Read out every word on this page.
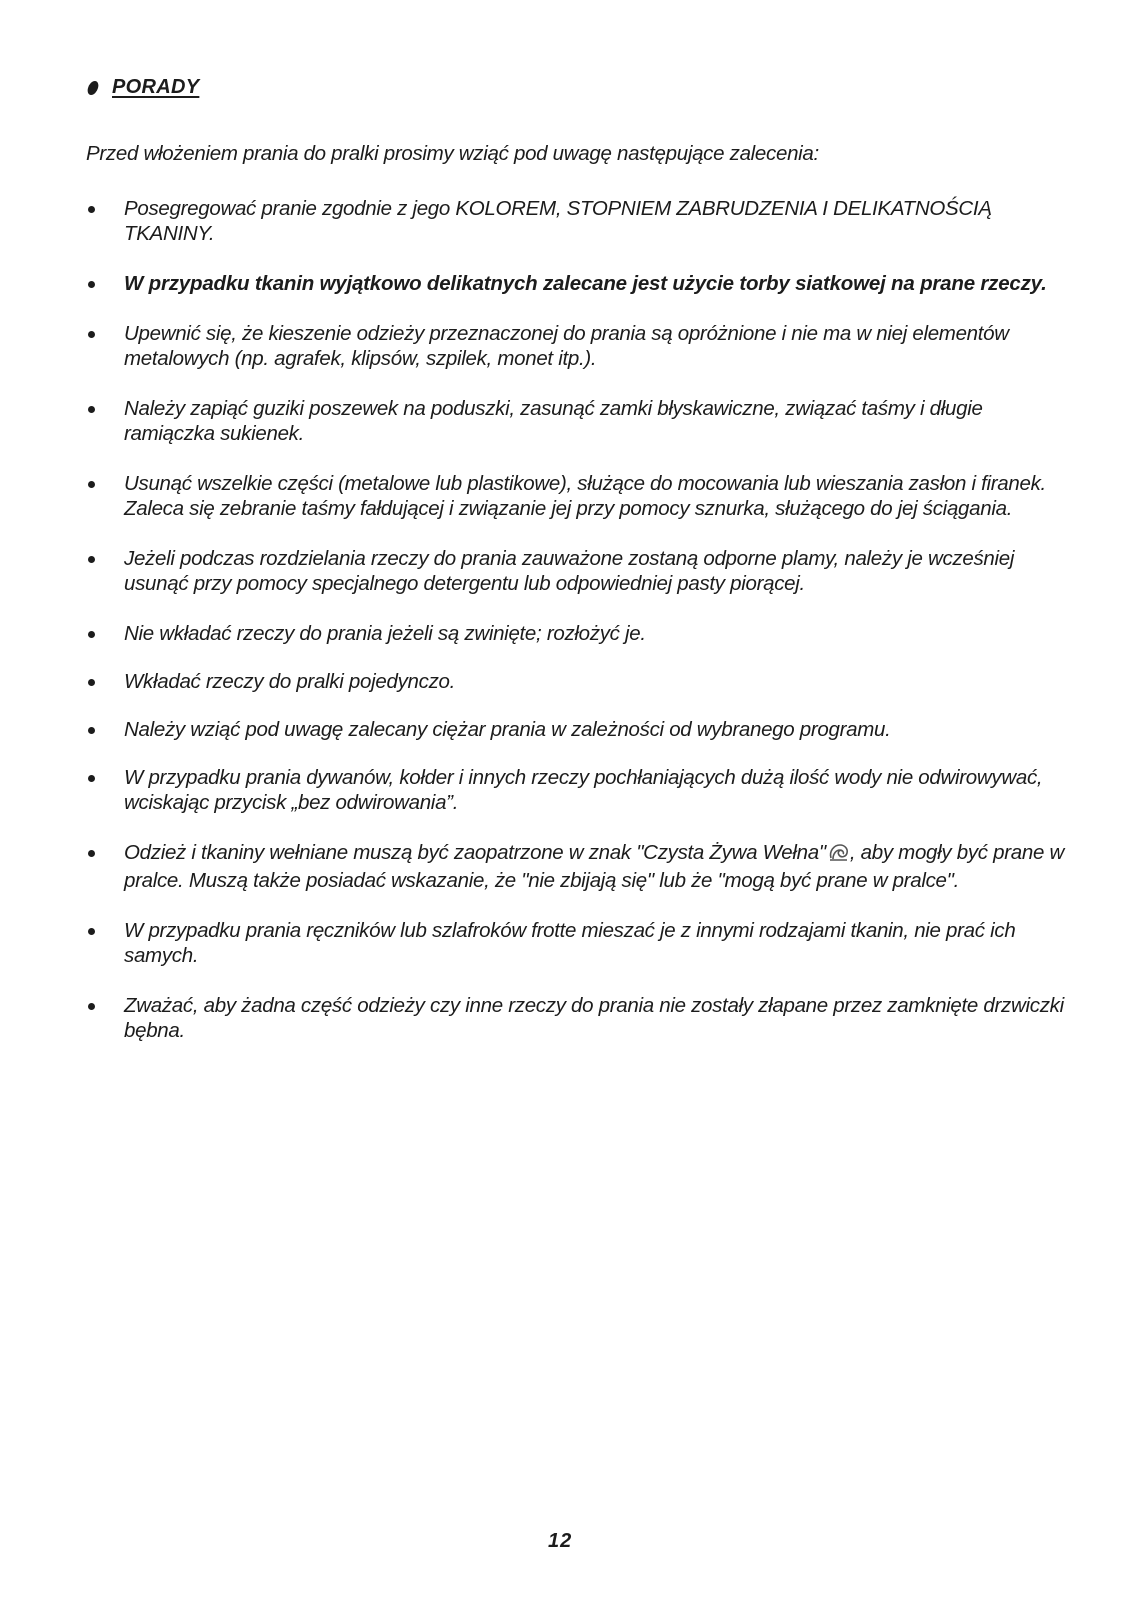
PORADY
Przed włożeniem prania do pralki prosimy wziąć pod uwagę następujące zalecenia:
Posegregować pranie zgodnie z jego KOLOREM, STOPNIEM ZABRUDZENIA I DELIKATNOŚCIĄ TKANINY.
W przypadku tkanin wyjątkowo delikatnych zalecane jest użycie torby siatkowej na prane rzeczy.
Upewnić się, że kieszenie odzieży przeznaczonej do prania są opróżnione i nie ma w niej elementów metalowych (np. agrafek, klipsów, szpilek, monet itp.).
Należy zapiąć guziki poszewek na poduszki, zasunąć zamki błyskawiczne, związać taśmy i długie ramiączka sukienek.
Usunąć wszelkie części (metalowe lub plastikowe), służące do mocowania lub wieszania zasłon i firanek. Zaleca się zebranie taśmy fałdującej i związanie jej przy pomocy sznurka, służącego do jej ściągania.
Jeżeli podczas rozdzielania rzeczy do prania zauważone zostaną odporne plamy, należy je wcześniej usunąć przy pomocy specjalnego detergentu lub odpowiedniej pasty piorącej.
Nie wkładać rzeczy do prania jeżeli są zwinięte; rozłożyć je.
Wkładać rzeczy do pralki pojedynczo.
Należy wziąć pod uwagę zalecany ciężar prania w zależności od wybranego programu.
W przypadku prania dywanów, kołder i innych rzeczy pochłaniających dużą ilość wody nie odwirowywać, wciskając przycisk „bez odwirowania”.
Odzież i tkaniny wełniane muszą być zaopatrzone w znak "Czysta Żywa Wełna" , aby mogły być prane w pralce. Muszą także posiadać wskazanie, że "nie zbijają się" lub że "mogą być prane w pralce".
W przypadku prania ręczników lub szlafroków frotte mieszać je z innymi rodzajami tkanin, nie prać ich samych.
Zważać, aby żadna część odzieży czy inne rzeczy do prania nie zostały złapane przez zamknięte drzwiczki bębna.
12
